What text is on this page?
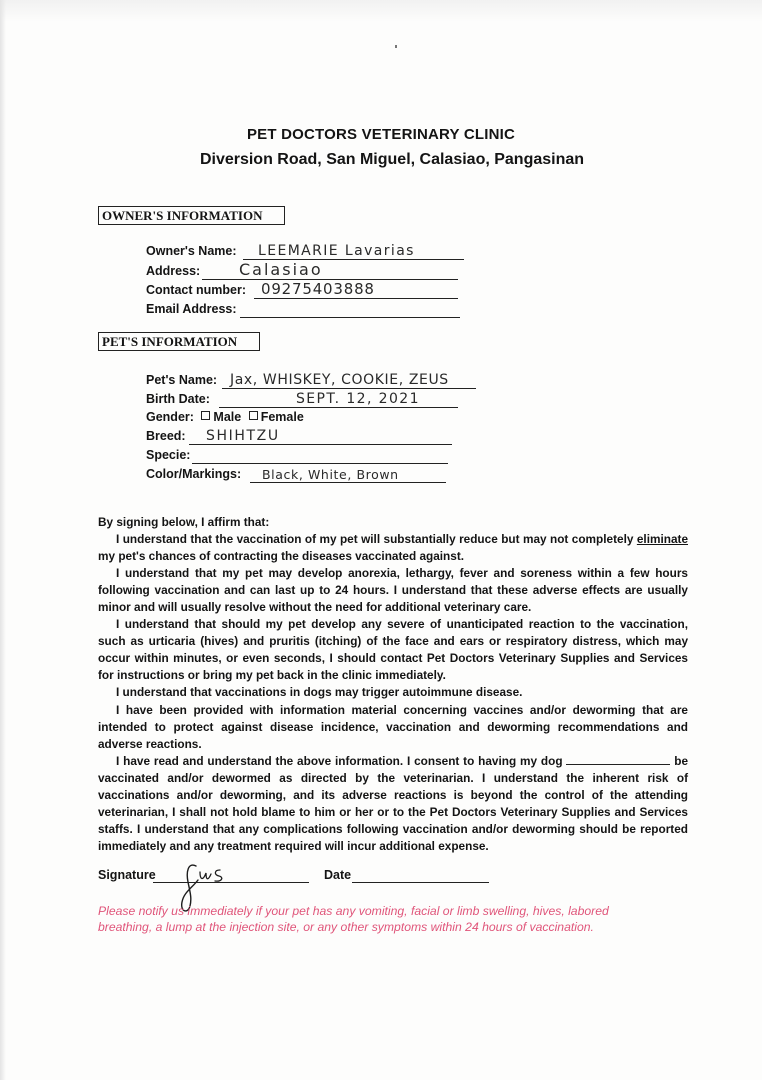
PET DOCTORS VETERINARY CLINIC
Diversion Road, San Miguel, Calasiao, Pangasinan
OWNER'S INFORMATION
Owner's Name: LEEMARIE Lavarias
Address: Calasiao
Contact number: 09275403888
Email Address:
PET'S INFORMATION
Pet's Name: Jax, WHISKEY, COOKIE, ZEUS
Birth Date:	SEPT. 12, 2021
Gender: Male Female
Breed: SHIHTZU
Specie:
Color/Markings: Black, White, Brown

By signing below, I affirm that:

I understand that the vaccination of my pet will substantially reduce but may not completely eliminate my pet's chances of contracting the diseases vaccinated against.

I understand that my pet may develop anorexia, lethargy, fever and soreness within a few hours following vaccination and can last up to 24 hours. I understand that these adverse effects are usually minor and will usually resolve without the need for additional veterinary care.

I understand that should my pet develop any severe of unanticipated reaction to the vaccination, such as urticaria (hives) and pruritis (itching) of the face and ears or respiratory distress, which may occur within minutes, or even seconds, I should contact Pet Doctors Veterinary Supplies and Services for instructions or bring my pet back in the clinic immediately.

I understand that vaccinations in dogs may trigger autoimmune disease.

I have been provided with information material concerning vaccines and/or deworming that are intended to protect against disease incidence, vaccination and deworming recommendations and adverse reactions.

I have read and understand the above information. I consent to having my dog	be vaccinated and/or dewormed as directed by the veterinarian. I understand the inherent risk of vaccinations and/or deworming, and its adverse reactions is beyond the control of the attending veterinarian, I shall not hold blame to him or her or to the Pet Doctors Veterinary Supplies and Services staffs. I understand that any complications following vaccination and/or deworming should be reported immediately and any treatment required will incur additional expense.

Signature	Date
Please notify us immediately if your pet has any vomiting, facial or limb swelling, hives, labored breathing, a lump at the injection site, or any other symptoms within 24 hours of vaccination.
